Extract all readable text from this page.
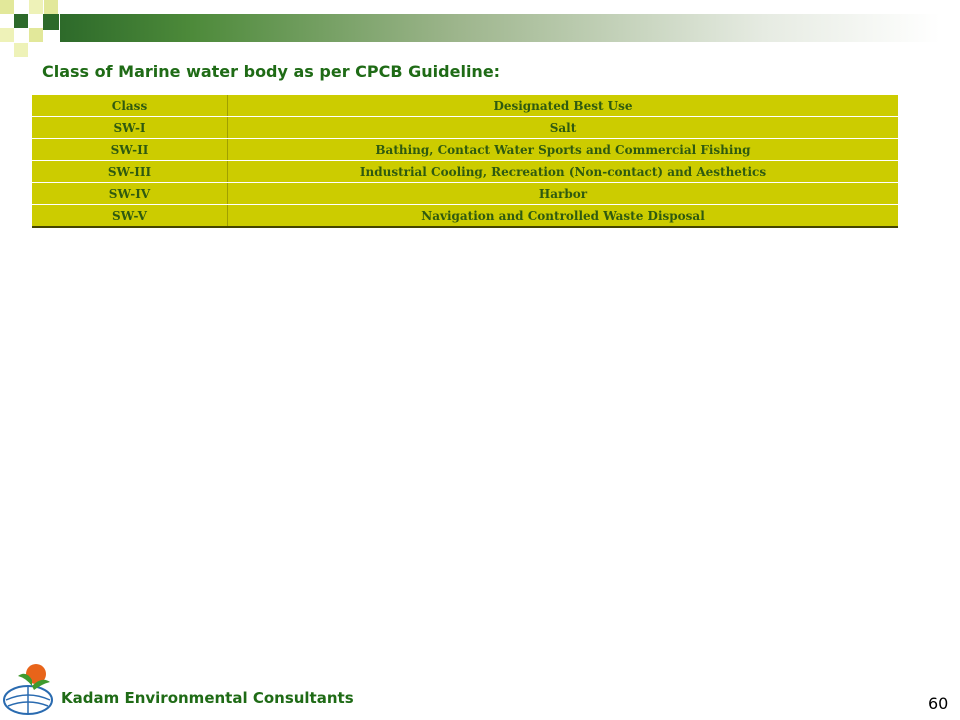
Class of Marine water body as per CPCB Guideline:
Class	Designated Best Use
SW-I	Salt
SW-II	Bathing, Contact Water Sports and Commercial Fishing
SW-III	Industrial Cooling, Recreation (Non-contact) and Aesthetics
SW-IV	Harbor
SW-V	Navigation and Controlled Waste Disposal
Kadam Environmental Consultants	60
